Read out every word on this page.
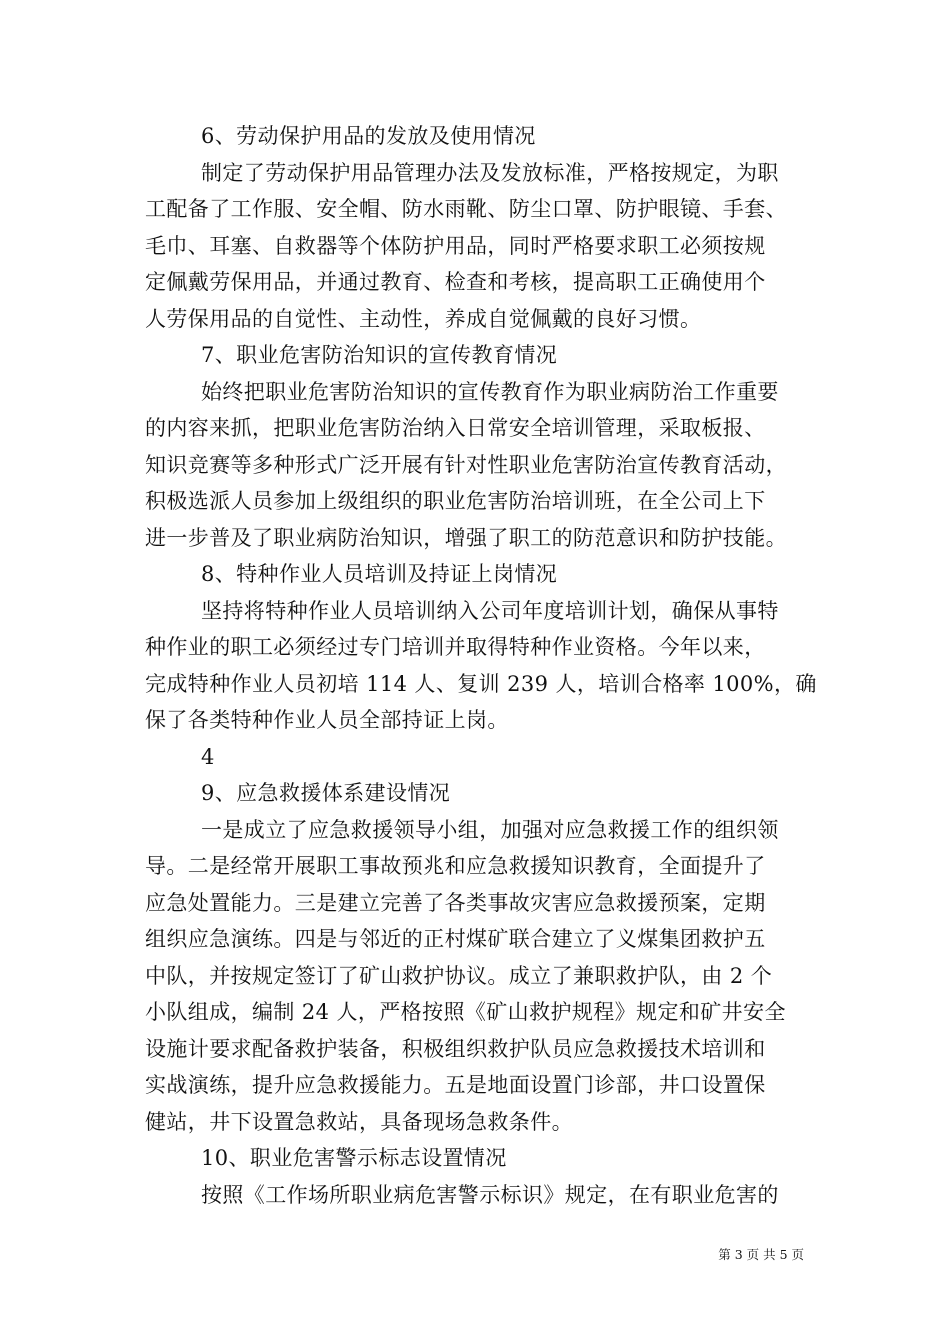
6、劳动保护用品的发放及使用情况
制定了劳动保护用品管理办法及发放标准，严格按规定，为职
工配备了工作服、安全帽、防水雨靴、防尘口罩、防护眼镜、手套、
毛巾、耳塞、自救器等个体防护用品，同时严格要求职工必须按规
定佩戴劳保用品，并通过教育、检查和考核，提高职工正确使用个
人劳保用品的自觉性、主动性，养成自觉佩戴的良好习惯。
7、职业危害防治知识的宣传教育情况
始终把职业危害防治知识的宣传教育作为职业病防治工作重要
的内容来抓，把职业危害防治纳入日常安全培训管理，采取板报、
知识竞赛等多种形式广泛开展有针对性职业危害防治宣传教育活动，
积极选派人员参加上级组织的职业危害防治培训班，在全公司上下
进一步普及了职业病防治知识，增强了职工的防范意识和防护技能。
8、特种作业人员培训及持证上岗情况
坚持将特种作业人员培训纳入公司年度培训计划，确保从事特
种作业的职工必须经过专门培训并取得特种作业资格。今年以来，
完成特种作业人员初培 114 人、复训 239 人，培训合格率 100%，确
保了各类特种作业人员全部持证上岗。
4
9、应急救援体系建设情况
一是成立了应急救援领导小组，加强对应急救援工作的组织领
导。二是经常开展职工事故预兆和应急救援知识教育，全面提升了
应急处置能力。三是建立完善了各类事故灾害应急救援预案，定期
组织应急演练。四是与邻近的正村煤矿联合建立了义煤集团救护五
中队，并按规定签订了矿山救护协议。成立了兼职救护队，由 2 个
小队组成，编制 24 人，严格按照《矿山救护规程》规定和矿井安全
设施计要求配备救护装备，积极组织救护队员应急救援技术培训和
实战演练，提升应急救援能力。五是地面设置门诊部，井口设置保
健站，井下设置急救站，具备现场急救条件。
10、职业危害警示标志设置情况
按照《工作场所职业病危害警示标识》规定，在有职业危害的
第 3 页 共 5 页
